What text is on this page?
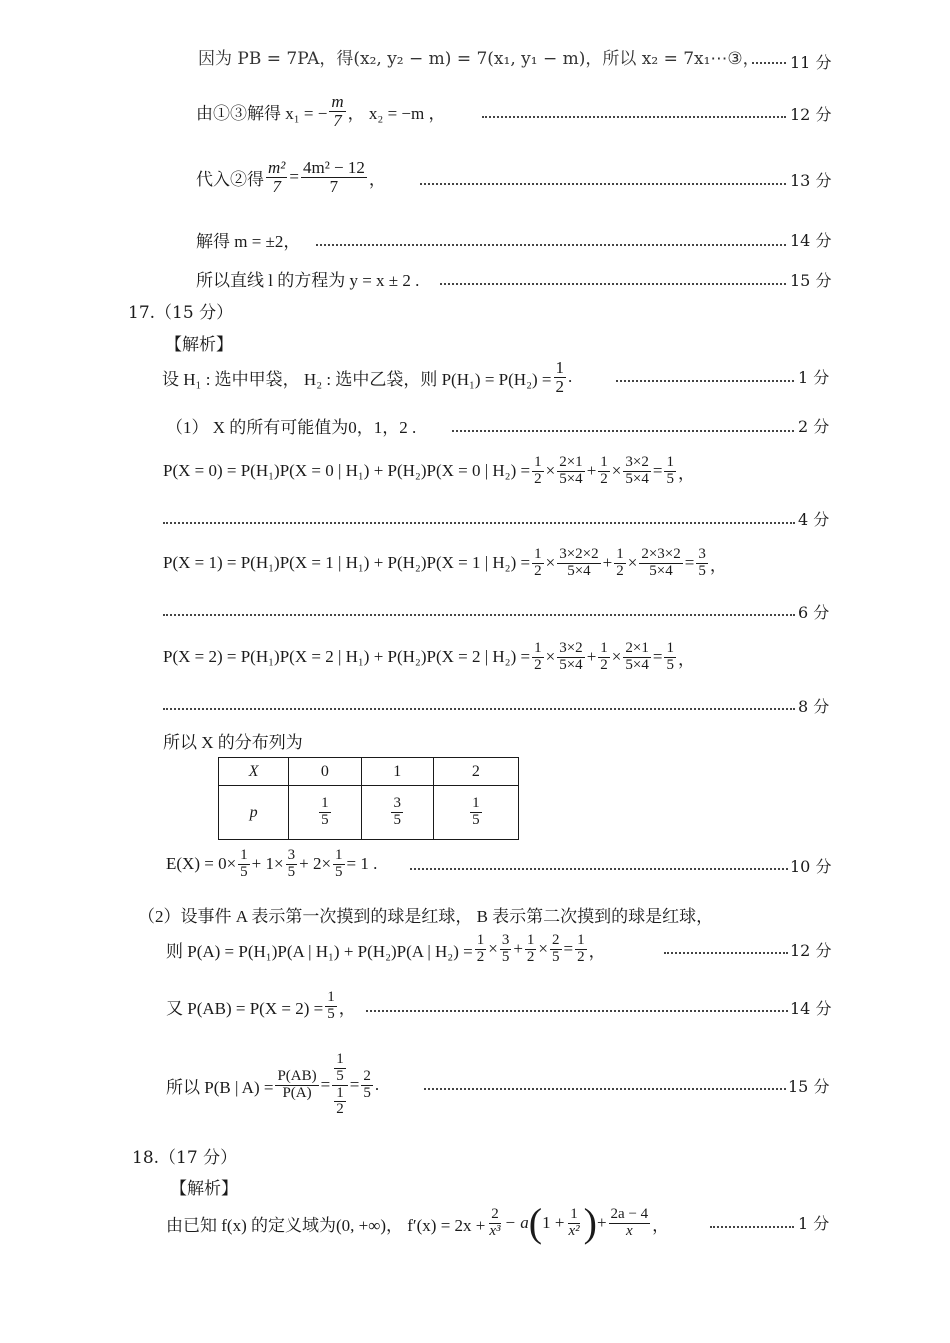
因为 PB = 7PA，得(x₂, y₂ − m) = 7(x₁, y₁ − m)，所以 x₂ = 7x₁⋯③， 11 分
由①③解得 x₁ = − $\frac{m}{7}$ ， x₂ = −m ，	12 分
代入②得 $\frac{\text{m²}}{7} = \frac{\text{4m² − 12}}{7}$ ，	13 分
解得 m = ±2，	14 分
所以直线 l 的方程为 y = x ± 2 .	15 分
17.（15 分）
【解析】
设 H₁ : 选中甲袋， H₂ : 选中乙袋，则 $P(H_1) = P(H_2) = \frac{1}{2}$ .	1 分
（1） X 的所有可能值为0，1，2 .	2 分
P(X = 0) = P(H₁)P(X = 0 | H₁) + P(H₂)P(X = 0 | $H_2) = \frac{1}{2} \times \frac{2\times 1}{5\times 4} + \frac{1}{2} \times \frac{3\times 2}{5\times 4} = \frac{1}{5}$ ，
4 分
P(X = 1) = P(H₁)P(X = 1 | H₁) + P(H₂)P(X = 1 | $H_2) = \frac{1}{2} \times \frac{3\times 2\times 2}{5\times 4} + \frac{1}{2} \times \frac{2\times 3\times 2}{5\times 4} = \frac{3}{5}$ ，
6 分
P(X = 2) = P(H₁)P(X = 2 | H₁) + P(H₂)P(X = 2 | $H_2) = \frac{1}{2} \times \frac{3\times 2}{5\times 4} + \frac{1}{2} \times \frac{2\times 1}{5\times 4} = \frac{1}{5}$ ，
8 分
所以 X 的分布列为
X	0	1	2
p	$\frac{1}{5}$	$\frac{3}{5}$	$\frac{1}{5}$
$E(X) = 0\times \frac{1}{5} + 1\times \frac{3}{5} + 2\times \frac{1}{5} = 1$ .	10 分
（2）设事件 A 表示第一次摸到的球是红球， B 表示第二次摸到的球是红球，
则 P(A) = P(H₁)P(A | H₁) + P(H₂)P(A | $H_2) = \frac{1}{2} \times \frac{3}{5} + \frac{1}{2} \times \frac{2}{5} = \frac{1}{2}$ ，	12 分
又 $P(AB) = P(X = 2) = \frac{1}{5}$ ，	14 分
所以 P(B | $A) = \frac{P(AB)}{P(A)} = \frac{\frac{1}{5}}{\frac{1}{2}} = \frac{2}{5}$ .	15 分
18.（17 分）
【解析】
由已知 f(x) 的定义域为(0, +∞)， $f'(x) = 2x + \frac{2}{\text{x³}} - a$ ( $1 + \frac{1}{\text{x²}}$ ) + $\frac{2a - 4}{x}$ ，	1 分
